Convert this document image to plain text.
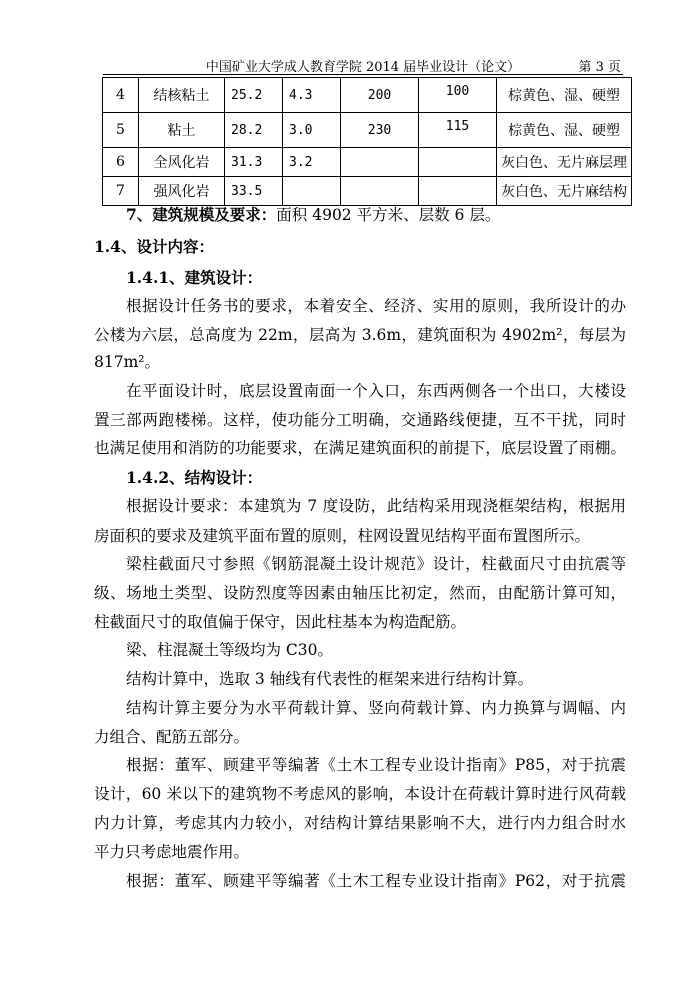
中国矿业大学成人教育学院 2014 届毕业设计（论文）	第 3 页
4	结核粘土	25.2	4.3	200	100	棕黄色、湿、硬塑
5	粘土	28.2	3.0	230	115	棕黄色、湿、硬塑
6	全风化岩	31.3	3.2			灰白色、无片麻层理
7	强风化岩	33.5				灰白色、无片麻结构
7、建筑规模及要求：面积 4902 平方米、层数 6 层。
1.4、设计内容：
1.4.1、建筑设计：
根据设计任务书的要求，本着安全、经济、实用的原则，我所设计的办
公楼为六层，总高度为 22m，层高为 3.6m，建筑面积为 4902m²，每层为
817m²。
在平面设计时，底层设置南面一个入口，东西两侧各一个出口，大楼设
置三部两跑楼梯。这样，使功能分工明确，交通路线便捷，互不干扰，同时
也满足使用和消防的功能要求，在满足建筑面积的前提下，底层设置了雨棚。
1.4.2、结构设计：
根据设计要求：本建筑为 7 度设防，此结构采用现浇框架结构，根据用
房面积的要求及建筑平面布置的原则，柱网设置见结构平面布置图所示。
梁柱截面尺寸参照《钢筋混凝土设计规范》设计，柱截面尺寸由抗震等
级、场地土类型、设防烈度等因素由轴压比初定，然而，由配筋计算可知，
柱截面尺寸的取值偏于保守，因此柱基本为构造配筋。
梁、柱混凝土等级均为 C30。
结构计算中，选取 3 轴线有代表性的框架来进行结构计算。
结构计算主要分为水平荷载计算、竖向荷载计算、内力换算与调幅、内
力组合、配筋五部分。
根据：董军、顾建平等编著《土木工程专业设计指南》P85，对于抗震
设计，60 米以下的建筑物不考虑风的影响，本设计在荷载计算时进行风荷载
内力计算，考虑其内力较小，对结构计算结果影响不大，进行内力组合时水
平力只考虑地震作用。
根据：董军、顾建平等编著《土木工程专业设计指南》P62，对于抗震
